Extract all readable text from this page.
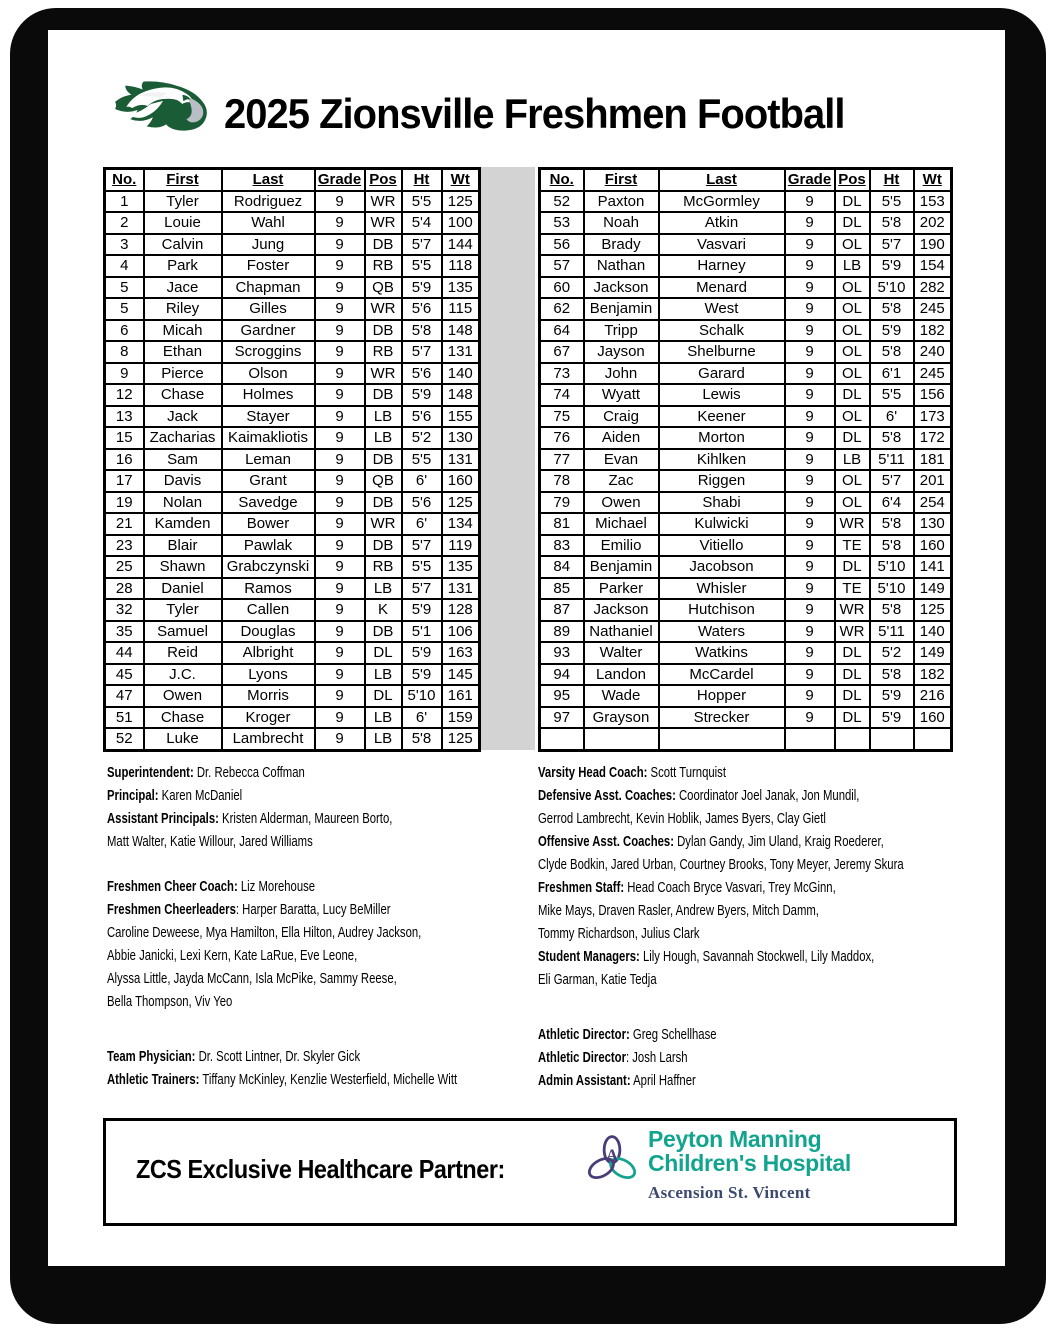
2025 Zionsville Freshmen Football
No.	First	Last	Grade	Pos	Ht	Wt
1	Tyler	Rodriguez	9	WR	5'5	125
2	Louie	Wahl	9	WR	5'4	100
3	Calvin	Jung	9	DB	5'7	144
4	Park	Foster	9	RB	5'5	118
5	Jace	Chapman	9	QB	5'9	135
5	Riley	Gilles	9	WR	5'6	115
6	Micah	Gardner	9	DB	5'8	148
8	Ethan	Scroggins	9	RB	5'7	131
9	Pierce	Olson	9	WR	5'6	140
12	Chase	Holmes	9	DB	5'9	148
13	Jack	Stayer	9	LB	5'6	155
15	Zacharias	Kaimakliotis	9	LB	5'2	130
16	Sam	Leman	9	DB	5'5	131
17	Davis	Grant	9	QB	6'	160
19	Nolan	Savedge	9	DB	5'6	125
21	Kamden	Bower	9	WR	6'	134
23	Blair	Pawlak	9	DB	5'7	119
25	Shawn	Grabczynski	9	RB	5'5	135
28	Daniel	Ramos	9	LB	5'7	131
32	Tyler	Callen	9	K	5'9	128
35	Samuel	Douglas	9	DB	5'1	106
44	Reid	Albright	9	DL	5'9	163
45	J.C.	Lyons	9	LB	5'9	145
47	Owen	Morris	9	DL	5'10	161
51	Chase	Kroger	9	LB	6'	159
52	Luke	Lambrecht	9	LB	5'8	125
No.	First	Last	Grade	Pos	Ht	Wt
52	Paxton	McGormley	9	DL	5'5	153
53	Noah	Atkin	9	DL	5'8	202
56	Brady	Vasvari	9	OL	5'7	190
57	Nathan	Harney	9	LB	5'9	154
60	Jackson	Menard	9	OL	5'10	282
62	Benjamin	West	9	OL	5'8	245
64	Tripp	Schalk	9	OL	5'9	182
67	Jayson	Shelburne	9	OL	5'8	240
73	John	Garard	9	OL	6'1	245
74	Wyatt	Lewis	9	DL	5'5	156
75	Craig	Keener	9	OL	6'	173
76	Aiden	Morton	9	DL	5'8	172
77	Evan	Kihlken	9	LB	5'11	181
78	Zac	Riggen	9	OL	5'7	201
79	Owen	Shabi	9	OL	6'4	254
81	Michael	Kulwicki	9	WR	5'8	130
83	Emilio	Vitiello	9	TE	5'8	160
84	Benjamin	Jacobson	9	DL	5'10	141
85	Parker	Whisler	9	TE	5'10	149
87	Jackson	Hutchison	9	WR	5'8	125
89	Nathaniel	Waters	9	WR	5'11	140
93	Walter	Watkins	9	DL	5'2	149
94	Landon	McCardel	9	DL	5'8	182
95	Wade	Hopper	9	DL	5'9	216
97	Grayson	Strecker	9	DL	5'9	160

Superintendent: Dr. Rebecca Coffman
Principal: Karen McDaniel
Assistant Principals: Kristen Alderman, Maureen Borto,
Matt Walter, Katie Willour, Jared Williams
Freshmen Cheer Coach: Liz Morehouse
Freshmen Cheerleaders: Harper Baratta, Lucy BeMiller
Caroline Deweese, Mya Hamilton, Ella Hilton, Audrey Jackson,
Abbie Janicki, Lexi Kern, Kate LaRue, Eve Leone,
Alyssa Little, Jayda McCann, Isla McPike, Sammy Reese,
Bella Thompson, Viv Yeo
Team Physician: Dr. Scott Lintner, Dr. Skyler Gick
Athletic Trainers: Tiffany McKinley, Kenzlie Westerfield, Michelle Witt
Varsity Head Coach: Scott Turnquist
Defensive Asst. Coaches: Coordinator Joel Janak, Jon Mundil,
Gerrod Lambrecht, Kevin Hoblik, James Byers, Clay Gietl
Offensive Asst. Coaches: Dylan Gandy, Jim Uland, Kraig Roederer,
Clyde Bodkin, Jared Urban, Courtney Brooks, Tony Meyer, Jeremy Skura
Freshmen Staff: Head Coach Bryce Vasvari, Trey McGinn,
Mike Mays, Draven Rasler, Andrew Byers, Mitch Damm,
Tommy Richardson, Julius Clark
Student Managers: Lily Hough, Savannah Stockwell, Lily Maddox,
Eli Garman, Katie Tedja
Athletic Director: Greg Schellhase
Athletic Director: Josh Larsh
Admin Assistant: April Haffner
ZCS Exclusive Healthcare Partner:	A
Peyton Manning
Children's Hospital
Ascension St. Vincent
